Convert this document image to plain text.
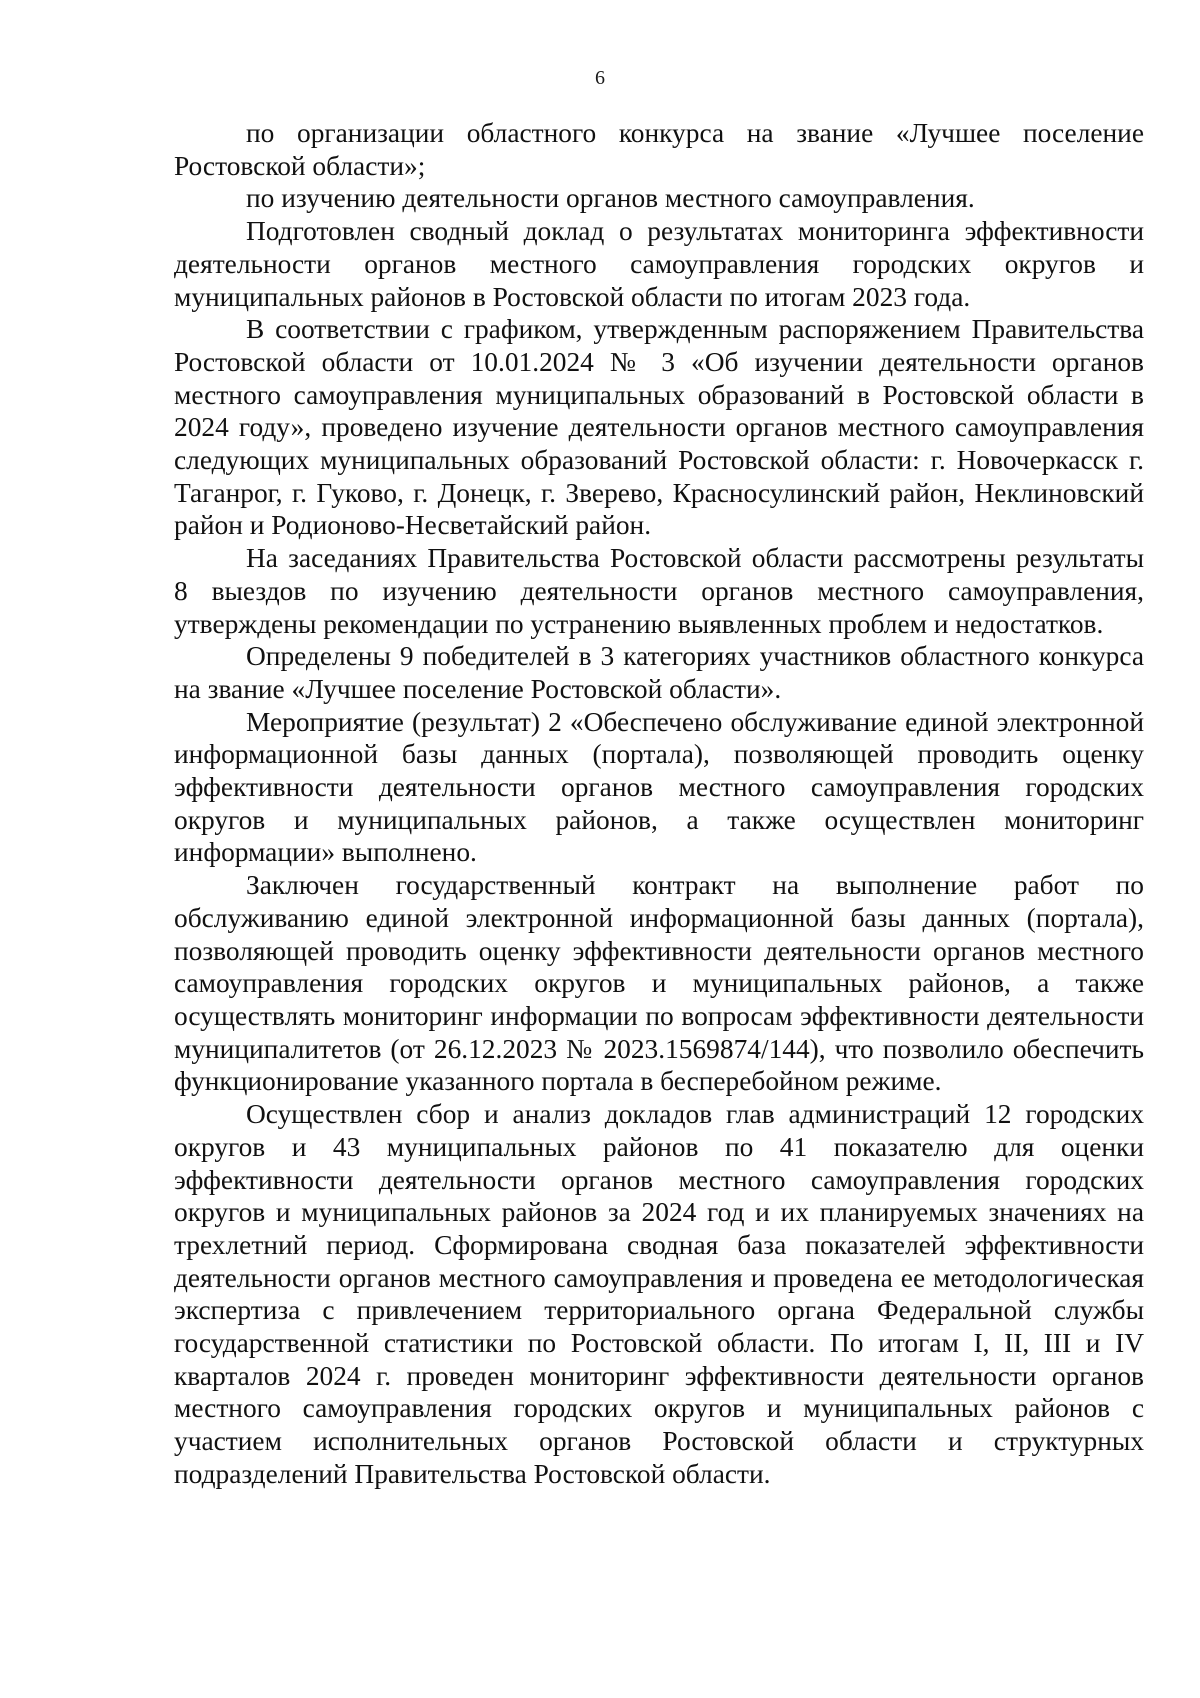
6

по организации областного конкурса на звание «Лучшее поселение Ростовской области»;

по изучению деятельности органов местного самоуправления.

Подготовлен сводный доклад о результатах мониторинга эффективности деятельности органов местного самоуправления городских округов и муниципальных районов в Ростовской области по итогам 2023 года.

В соответствии с графиком, утвержденным распоряжением Правительства Ростовской области от 10.01.2024 № 3 «Об изучении деятельности органов местного самоуправления муниципальных образований в Ростовской области в 2024 году», проведено изучение деятельности органов местного самоуправления следующих муниципальных образований Ростовской области: г. Новочеркасск г. Таганрог, г. Гуково, г. Донецк, г. Зверево, Красносулинский район, Неклиновский район и Родионово-Несветайский район.

На заседаниях Правительства Ростовской области рассмотрены результаты 8 выездов по изучению деятельности органов местного самоуправления, утверждены рекомендации по устранению выявленных проблем и недостатков.

Определены 9 победителей в 3 категориях участников областного конкурса на звание «Лучшее поселение Ростовской области».

Мероприятие (результат) 2 «Обеспечено обслуживание единой электронной информационной базы данных (портала), позволяющей проводить оценку эффективности деятельности органов местного самоуправления городских округов и муниципальных районов, а также осуществлен мониторинг информации» выполнено.

Заключен государственный контракт на выполнение работ по обслуживанию единой электронной информационной базы данных (портала), позволяющей проводить оценку эффективности деятельности органов местного самоуправления городских округов и муниципальных районов, а также осуществлять мониторинг информации по вопросам эффективности деятельности муниципалитетов (от 26.12.2023 № 2023.1569874/144), что позволило обеспечить функционирование указанного портала в бесперебойном режиме.

Осуществлен сбор и анализ докладов глав администраций 12 городских округов и 43 муниципальных районов по 41 показателю для оценки эффективности деятельности органов местного самоуправления городских округов и муниципальных районов за 2024 год и их планируемых значениях на трехлетний период. Сформирована сводная база показателей эффективности деятельности органов местного самоуправления и проведена ее методологическая экспертиза с привлечением территориального органа Федеральной службы государственной статистики по Ростовской области. По итогам I, II, III и IV кварталов 2024 г. проведен мониторинг эффективности деятельности органов местного самоуправления городских округов и муниципальных районов с участием исполнительных органов Ростовской области и структурных подразделений Правительства Ростовской области.
